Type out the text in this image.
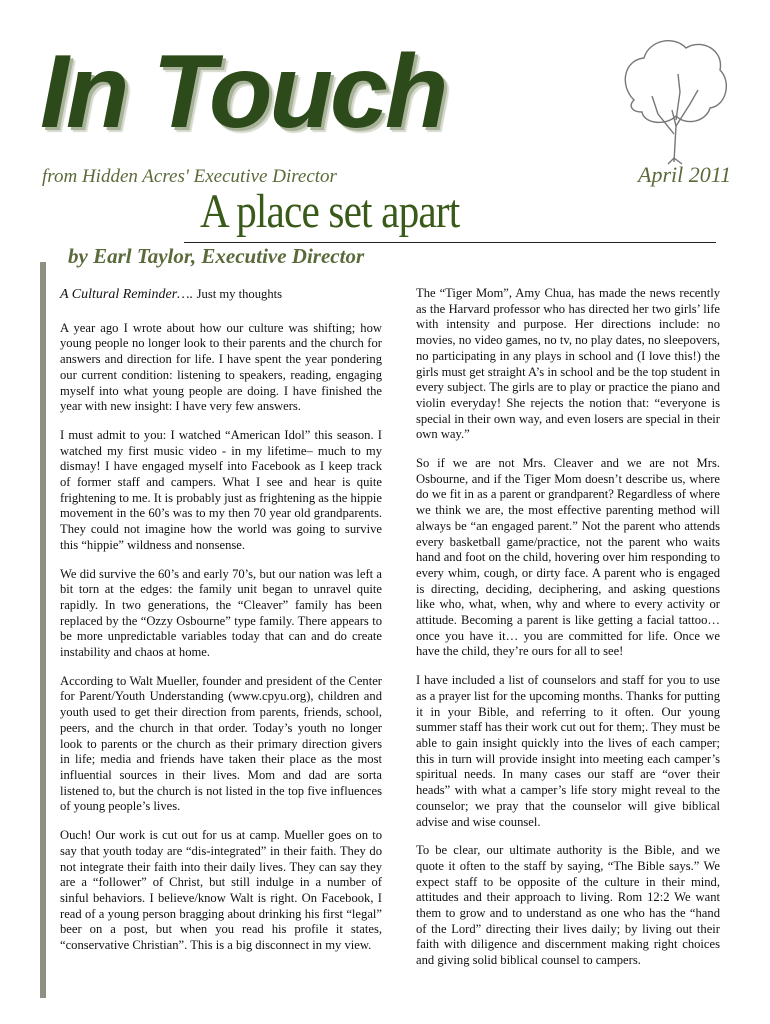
In Touch
from Hidden Acres' Executive Director	April 2011
A place set apart
by Earl Taylor, Executive Director
A Cultural Reminder…. Just my thoughts

A year ago I wrote about how our culture was shifting; how young people no longer look to their parents and the church for answers and direction for life. I have spent the year pondering our current condition: listening to speakers, reading, engaging myself into what young people are doing. I have finished the year with new insight: I have very few answers.

I must admit to you: I watched “American Idol” this season. I watched my first music video - in my lifetime– much to my dismay! I have engaged myself into Facebook as I keep track of former staff and campers. What I see and hear is quite frightening to me. It is probably just as frightening as the hippie movement in the 60’s was to my then 70 year old grandparents. They could not imagine how the world was going to survive this “hippie” wildness and nonsense.

We did survive the 60’s and early 70’s, but our nation was left a bit torn at the edges: the family unit began to unravel quite rapidly. In two generations, the “Cleaver” family has been replaced by the “Ozzy Osbourne” type family. There appears to be more unpredictable variables today that can and do create instability and chaos at home.

According to Walt Mueller, founder and president of the Center for Parent/Youth Understanding (www.cpyu.org), children and youth used to get their direction from parents, friends, school, peers, and the church in that order. Today’s youth no longer look to parents or the church as their primary direction givers in life; media and friends have taken their place as the most influential sources in their lives. Mom and dad are sorta listened to, but the church is not listed in the top five influences of young people’s lives.

Ouch! Our work is cut out for us at camp. Mueller goes on to say that youth today are “dis-integrated” in their faith. They do not integrate their faith into their daily lives. They can say they are a “follower” of Christ, but still indulge in a number of sinful behaviors. I believe/know Walt is right. On Facebook, I read of a young person bragging about drinking his first “legal” beer on a post, but when you read his profile it states, “conservative Christian”. This is a big disconnect in my view.

The “Tiger Mom”, Amy Chua, has made the news recently as the Harvard professor who has directed her two girls’ life with intensity and purpose. Her directions include: no movies, no video games, no tv, no play dates, no sleepovers, no participating in any plays in school and (I love this!) the girls must get straight A’s in school and be the top student in every subject. The girls are to play or practice the piano and violin everyday! She rejects the notion that: “everyone is special in their own way, and even losers are special in their own way.”

So if we are not Mrs. Cleaver and we are not Mrs. Osbourne, and if the Tiger Mom doesn’t describe us, where do we fit in as a parent or grandparent? Regardless of where we think we are, the most effective parenting method will always be “an engaged parent.” Not the parent who attends every basketball game/practice, not the parent who waits hand and foot on the child, hovering over him responding to every whim, cough, or dirty face. A parent who is engaged is directing, deciding, deciphering, and asking questions like who, what, when, why and where to every activity or attitude. Becoming a parent is like getting a facial tattoo… once you have it… you are committed for life. Once we have the child, they’re ours for all to see!

I have included a list of counselors and staff for you to use as a prayer list for the upcoming months. Thanks for putting it in your Bible, and referring to it often. Our young summer staff has their work cut out for them;. They must be able to gain insight quickly into the lives of each camper; this in turn will provide insight into meeting each camper’s spiritual needs. In many cases our staff are “over their heads” with what a camper’s life story might reveal to the counselor; we pray that the counselor will give biblical advise and wise counsel.

To be clear, our ultimate authority is the Bible, and we quote it often to the staff by saying, “The Bible says.” We expect staff to be opposite of the culture in their mind, attitudes and their approach to living. Rom 12:2 We want them to grow and to understand as one who has the “hand of the Lord” directing their lives daily; by living out their faith with diligence and discernment making right choices and giving solid biblical counsel to campers.
